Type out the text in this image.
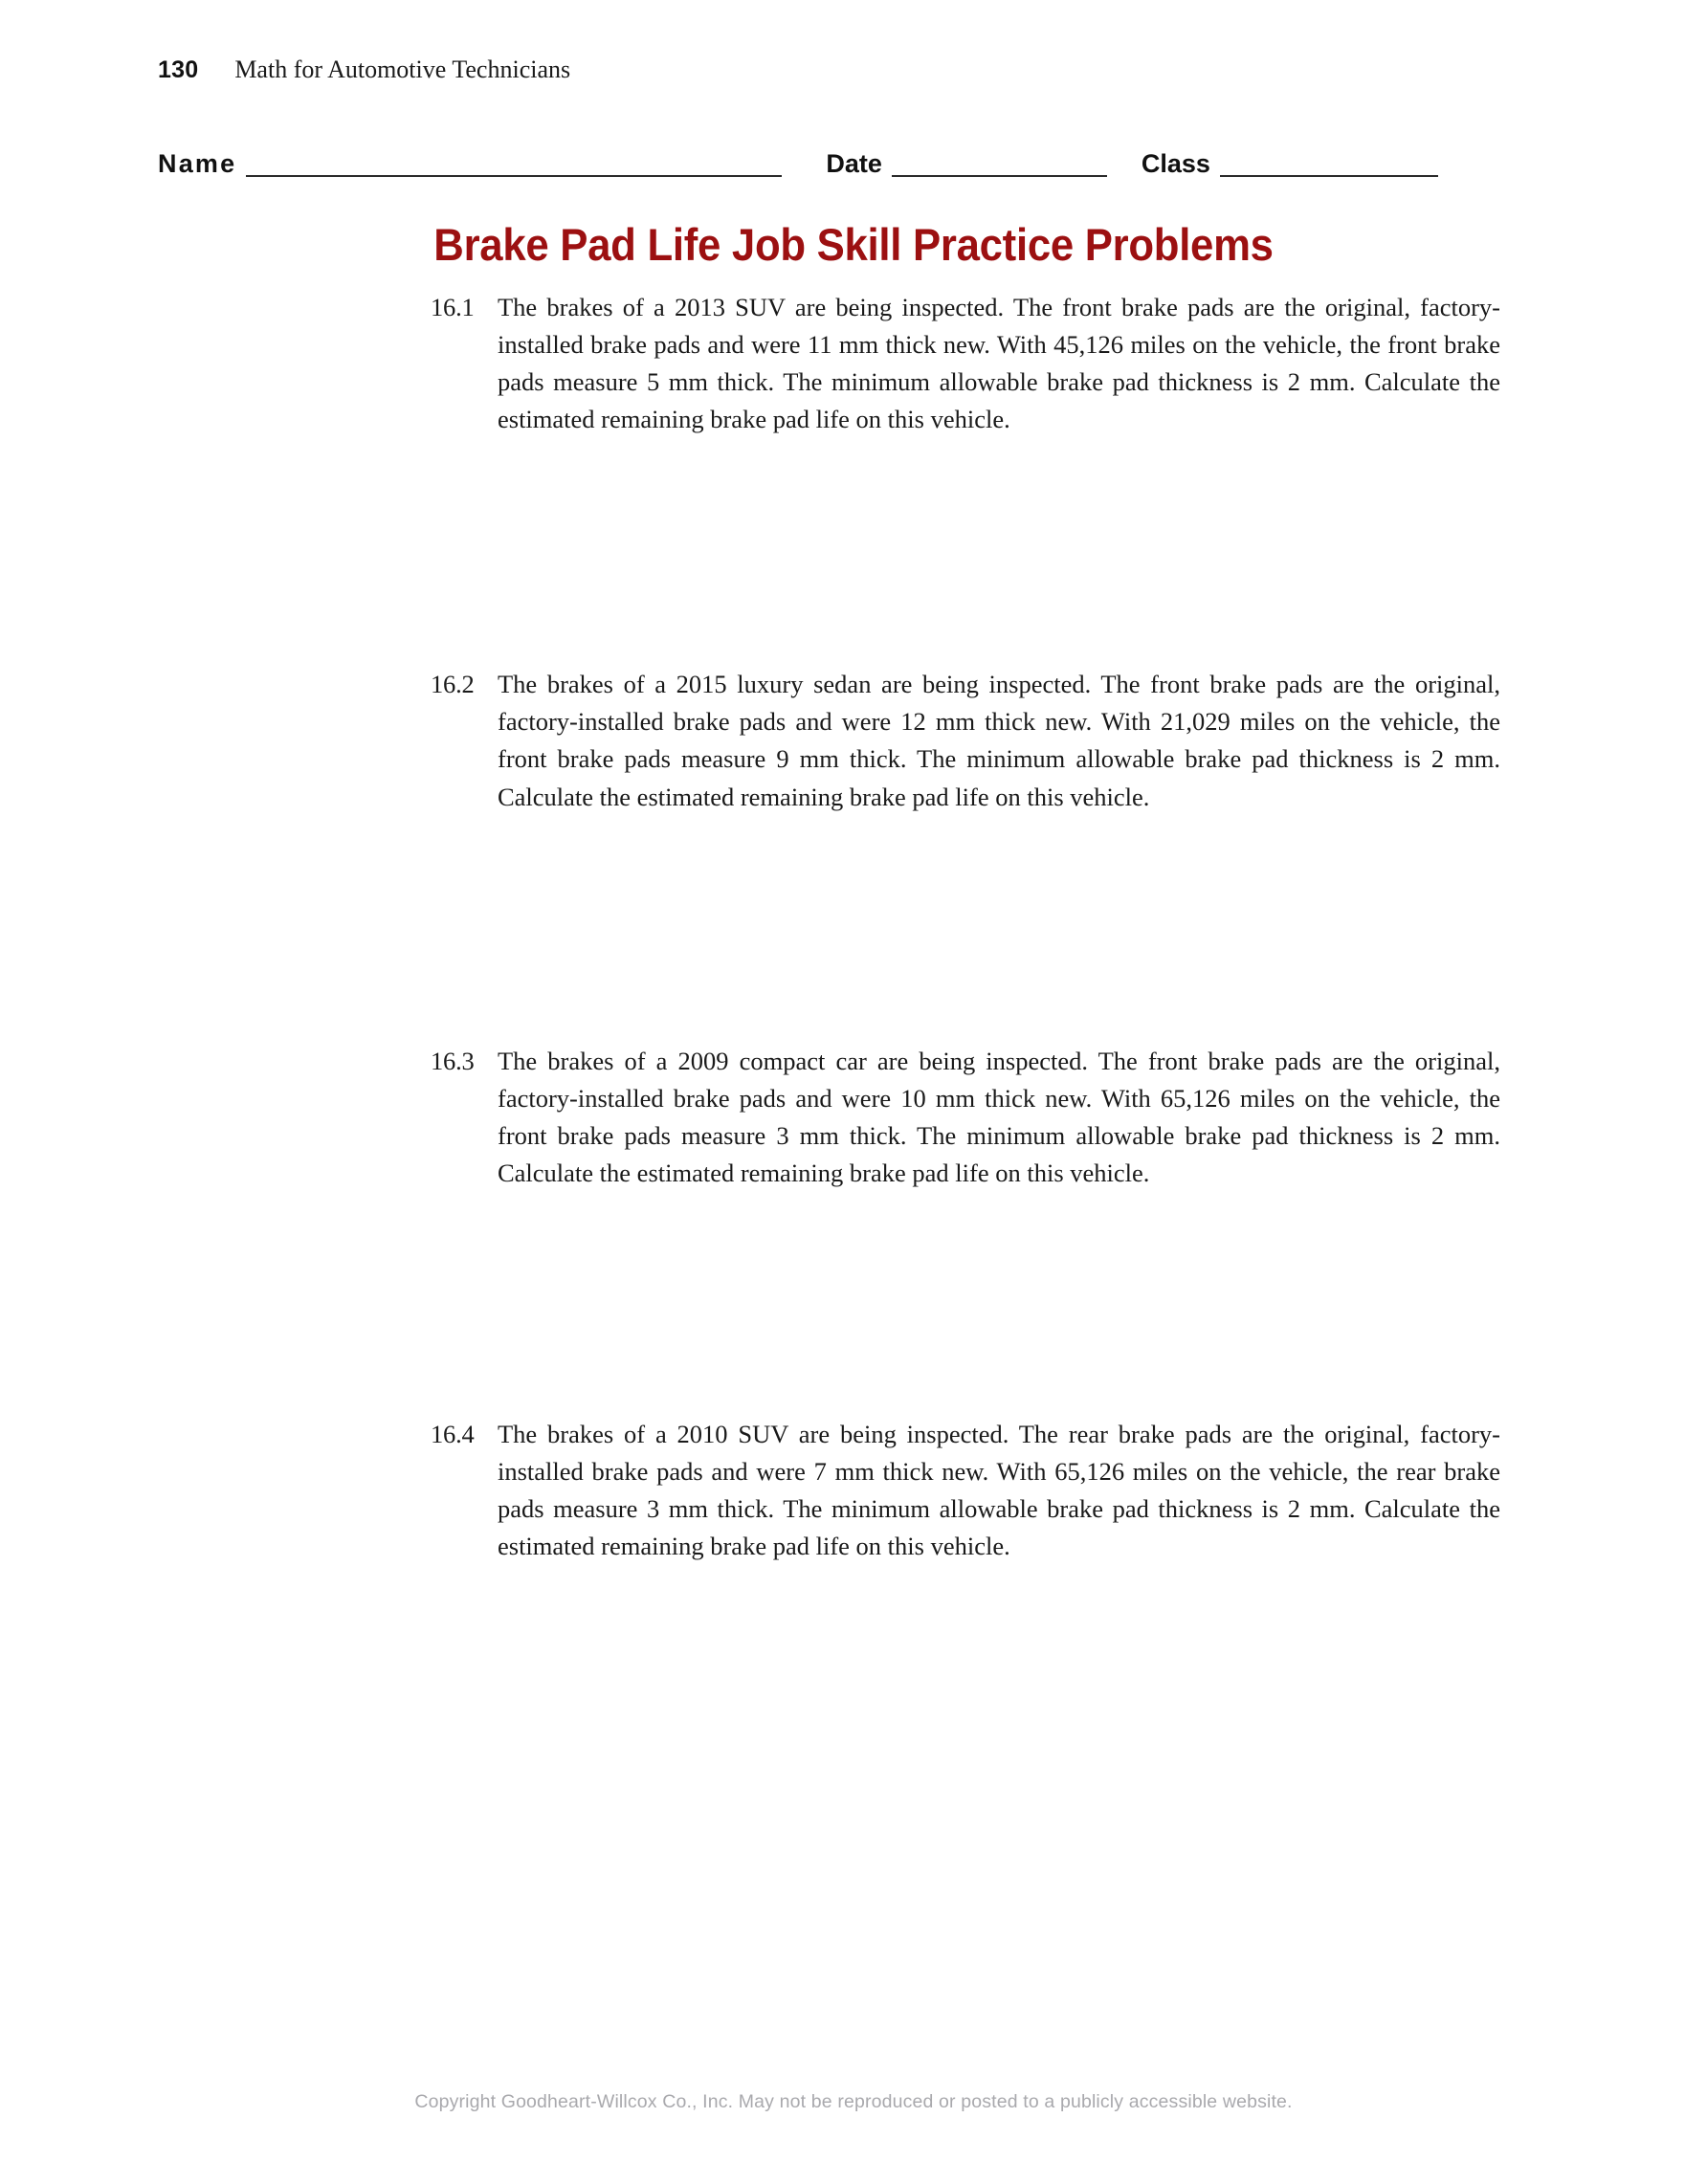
130 Math for Automotive Technicians
Name	Date	Class
Brake Pad Life Job Skill Practice Problems
16.1 The brakes of a 2013 SUV are being inspected. The front brake pads are the original, factory-installed brake pads and were 11 mm thick new. With 45,126 miles on the vehicle, the front brake pads measure 5 mm thick. The minimum allowable brake pad thickness is 2 mm. Calculate the estimated remaining brake pad life on this vehicle.
16.2 The brakes of a 2015 luxury sedan are being inspected. The front brake pads are the original, factory-installed brake pads and were 12 mm thick new. With 21,029 miles on the vehicle, the front brake pads measure 9 mm thick. The minimum allowable brake pad thickness is 2 mm. Calculate the estimated remaining brake pad life on this vehicle.
16.3 The brakes of a 2009 compact car are being inspected. The front brake pads are the original, factory-installed brake pads and were 10 mm thick new. With 65,126 miles on the vehicle, the front brake pads measure 3 mm thick. The minimum allowable brake pad thickness is 2 mm. Calculate the estimated remaining brake pad life on this vehicle.
16.4 The brakes of a 2010 SUV are being inspected. The rear brake pads are the original, factory-installed brake pads and were 7 mm thick new. With 65,126 miles on the vehicle, the rear brake pads measure 3 mm thick. The minimum allowable brake pad thickness is 2 mm. Calculate the estimated remaining brake pad life on this vehicle.
Copyright Goodheart-Willcox Co., Inc. May not be reproduced or posted to a publicly accessible website.
